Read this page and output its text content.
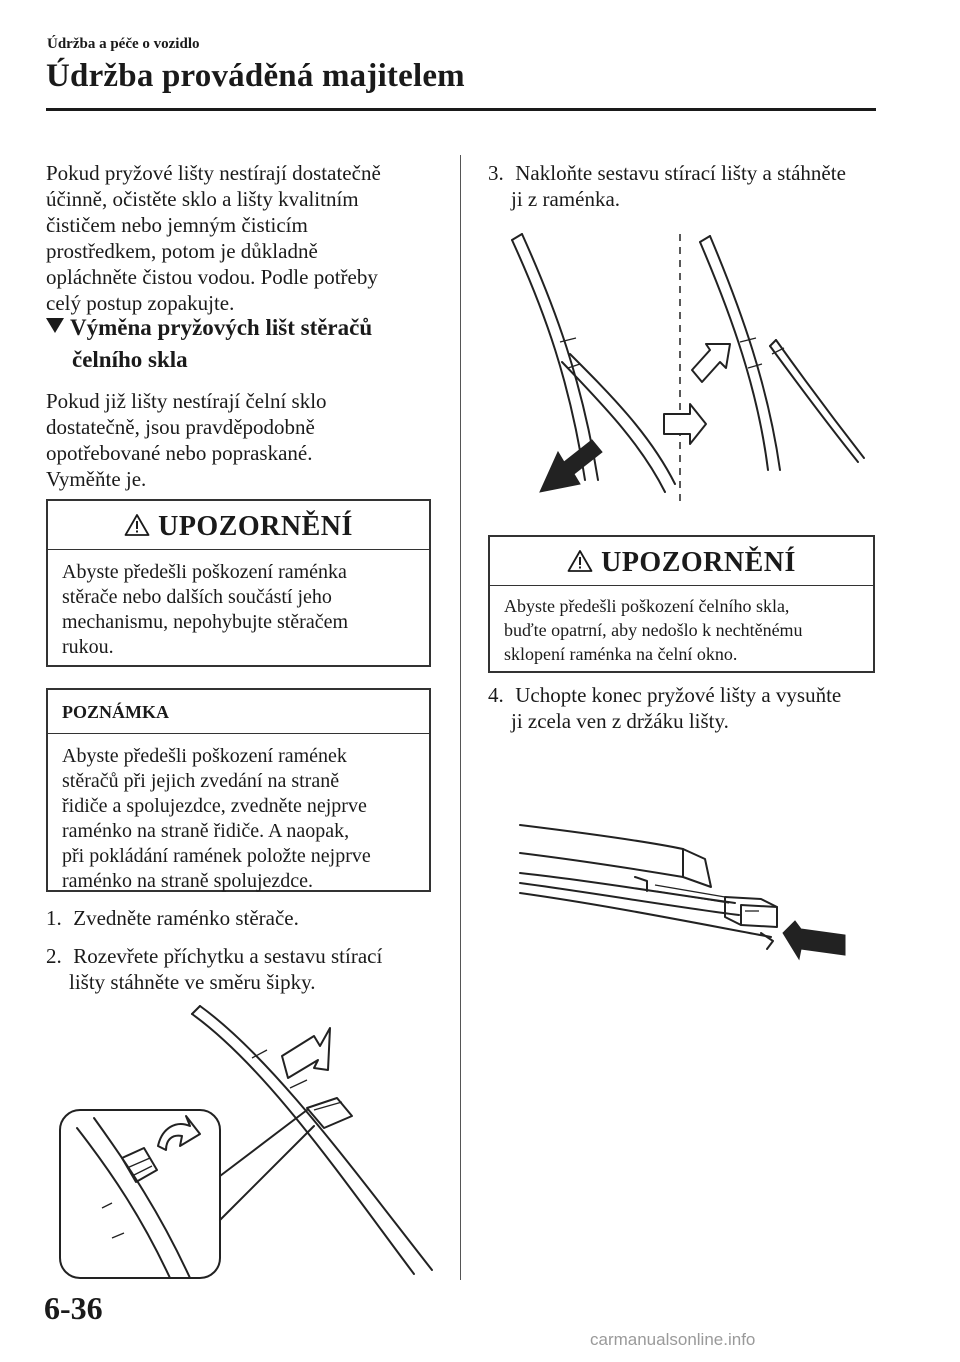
Údržba a péče o vozidlo
Údržba prováděná majitelem

Pokud pryžové lišty nestírají dostatečně

účinně, očistěte sklo a lišty kvalitním

čističem nebo jemným čisticím

prostředkem, potom je důkladně

opláchněte čistou vodou. Podle potřeby

celý postup zopakujte.

Výměna pryžových lišt stěračů
čelního skla

Pokud již lišty nestírají čelní sklo

dostatečně, jsou pravděpodobně

opotřebované nebo popraskané.

Vyměňte je.

UPOZORNĚNÍ

Abyste předešli poškození raménka

stěrače nebo dalších součástí jeho

mechanismu, nepohybujte stěračem

rukou.

POZNÁMKA

Abyste předešli poškození ramének

stěračů při jejich zvedání na straně

řidiče a spolujezdce, zvedněte nejprve

raménko na straně řidiče. A naopak,

při pokládání ramének položte nejprve

raménko na straně spolujezdce.

1. Zvedněte raménko stěrače.
2. Rozevřete příchytku a sestavu stírací
lišty stáhněte ve směru šipky.
3. Nakloňte sestavu stírací lišty a stáhněte
ji z raménka.
UPOZORNĚNÍ

Abyste předešli poškození čelního skla,

buďte opatrní, aby nedošlo k nechtěnému

sklopení raménka na čelní okno.

4. Uchopte konec pryžové lišty a vysuňte
ji zcela ven z držáku lišty.
6-36
carmanualsonline.info
